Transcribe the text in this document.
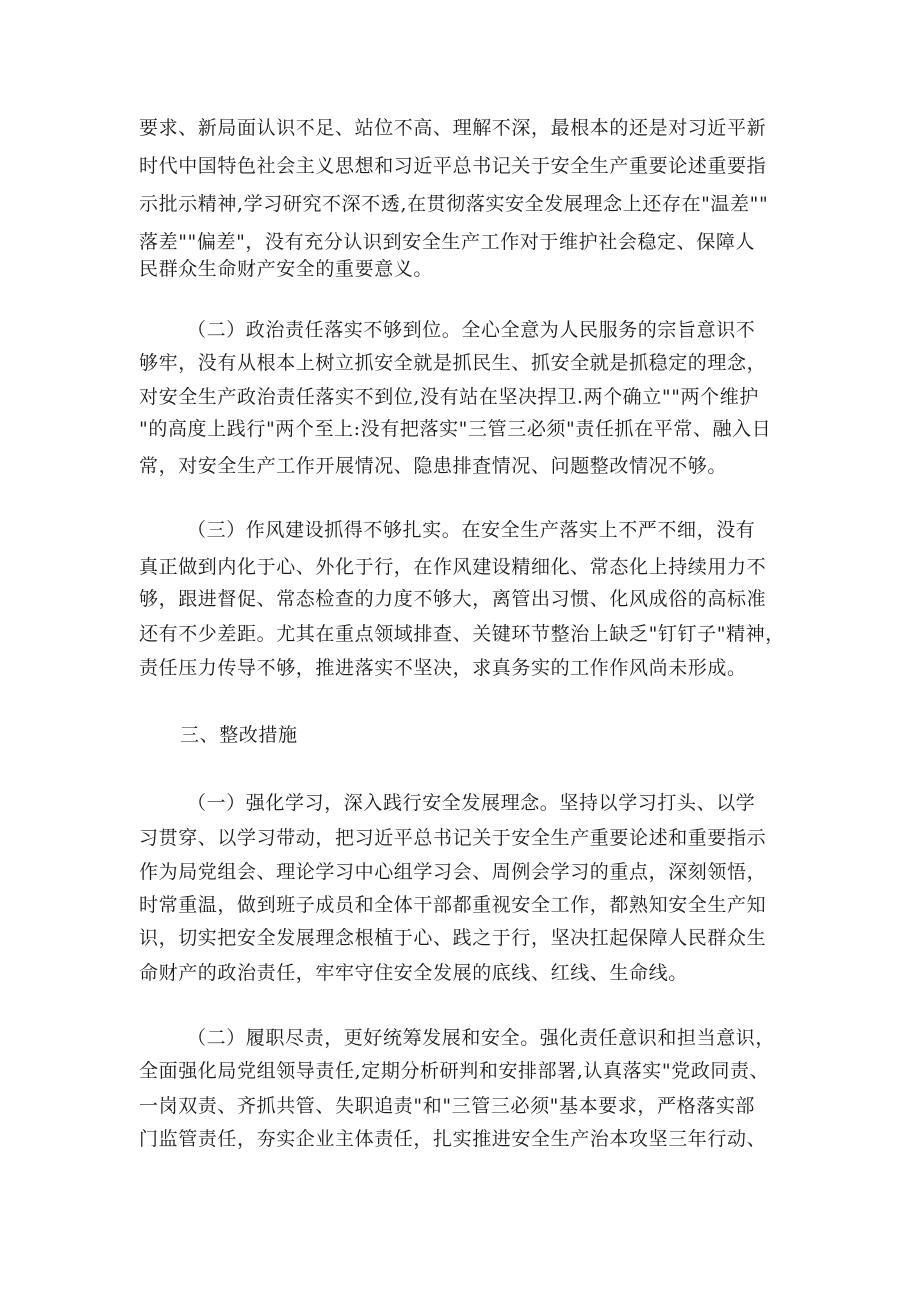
要求、新局面认识不足、站位不高、理解不深，最根本的还是对习近平新
时代中国特色社会主义思想和习近平总书记关于安全生产重要论述重要指
示批示精神,学习研究不深不透,在贯彻落实安全发展理念上还存在"温差""
落差""偏差"，没有充分认识到安全生产工作对于维护社会稳定、保障人
民群众生命财产安全的重要意义。
（二）政治责任落实不够到位。全心全意为人民服务的宗旨意识不
够牢，没有从根本上树立抓安全就是抓民生、抓安全就是抓稳定的理念，
对安全生产政治责任落实不到位,没有站在坚决捍卫.两个确立""两个维护
"的高度上践行"两个至上:没有把落实"三管三必须"责任抓在平常、融入日
常，对安全生产工作开展情况、隐患排査情况、问题整改情况不够。
（三）作风建设抓得不够扎实。在安全生产落实上不严不细，没有
真正做到内化于心、外化于行，在作风建设精细化、常态化上持续用力不
够，跟进督促、常态检查的力度不够大，离管出习惯、化风成俗的高标准
还有不少差距。尤其在重点领域排查、关键环节整治上缺乏"钉钉子"精神，
责任压力传导不够，推进落实不坚决，求真务实的工作作风尚未形成。
三、整改措施
（一）强化学习，深入践行安全发展理念。坚持以学习打头、以学
习贯穿、以学习带动，把习近平总书记关于安全生产重要论述和重要指示
作为局党组会、理论学习中心组学习会、周例会学习的重点，深刻领悟，
时常重温，做到班子成员和全体干部都重视安全工作，都熟知安全生产知
识，切实把安全发展理念根植于心、践之于行，坚决扛起保障人民群众生
命财产的政治责任，牢牢守住安全发展的底线、红线、生命线。
（二）履职尽责，更好统筹发展和安全。强化责任意识和担当意识，
全面强化局党组领导责任,定期分析研判和安排部署,认真落实"党政同责、
一岗双责、齐抓共管、失职追责"和"三管三必须"基本要求，严格落实部
门监管责任，夯实企业主体责任，扎实推进安全生产治本攻坚三年行动、
